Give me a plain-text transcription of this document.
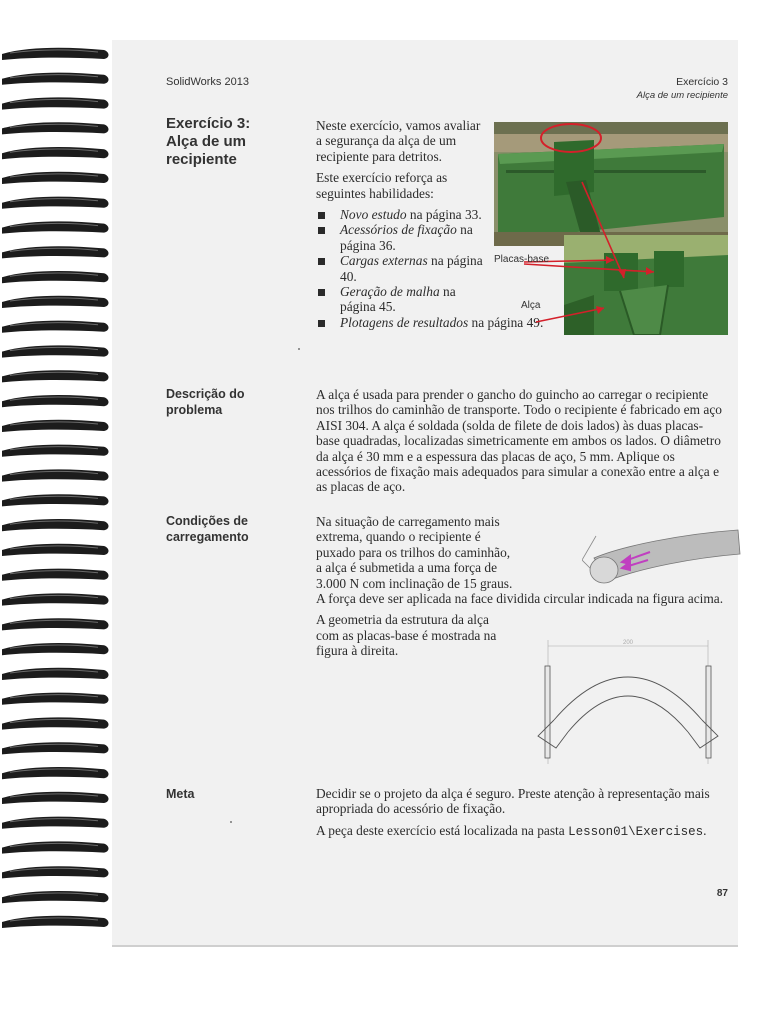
SolidWorks 2013	Exercício 3
Alça de um recipiente
Exercício 3:
Alça de um
recipiente

Neste exercício, vamos avaliar a segurança da alça de um recipiente para detritos.

Este exercício reforça as seguintes habilidades:

Novo estudo na página 33.
Acessórios de fixação na página 36.
Cargas externas na página 40.
Geração de malha na página 45.
Plotagens de resultados na página 49.
Placas-base
Alça
Descrição do
problema
A alça é usada para prender o gancho do guincho ao carregar o recipiente nos trilhos do caminhão de transporte. Todo o recipiente é fabricado em aço AISI 304. A alça é soldada (solda de filete de dois lados) às duas placas-base quadradas, localizadas simetricamente em ambos os lados. O diâmetro da alça é 30 mm e a espessura das placas de aço, 5 mm. Aplique os acessórios de fixação mais adequados para simular a conexão entre a alça e as placas de aço.
Condições de
carregamento
Na situação de carregamento mais
extrema, quando o recipiente é
puxado para os trilhos do caminhão,
a alça é submetida a uma força de
3.000 N com inclinação de 15 graus.

A força deve ser aplicada na face dividida circular indicada na figura acima.

A geometria da estrutura da alça
com as placas-base é mostrada na
figura à direita.
200
Meta	Decidir se o projeto da alça é seguro. Preste atenção à representação mais apropriada do acessório de fixação.

A peça deste exercício está localizada na pasta Lesson01\Exercises.

87
